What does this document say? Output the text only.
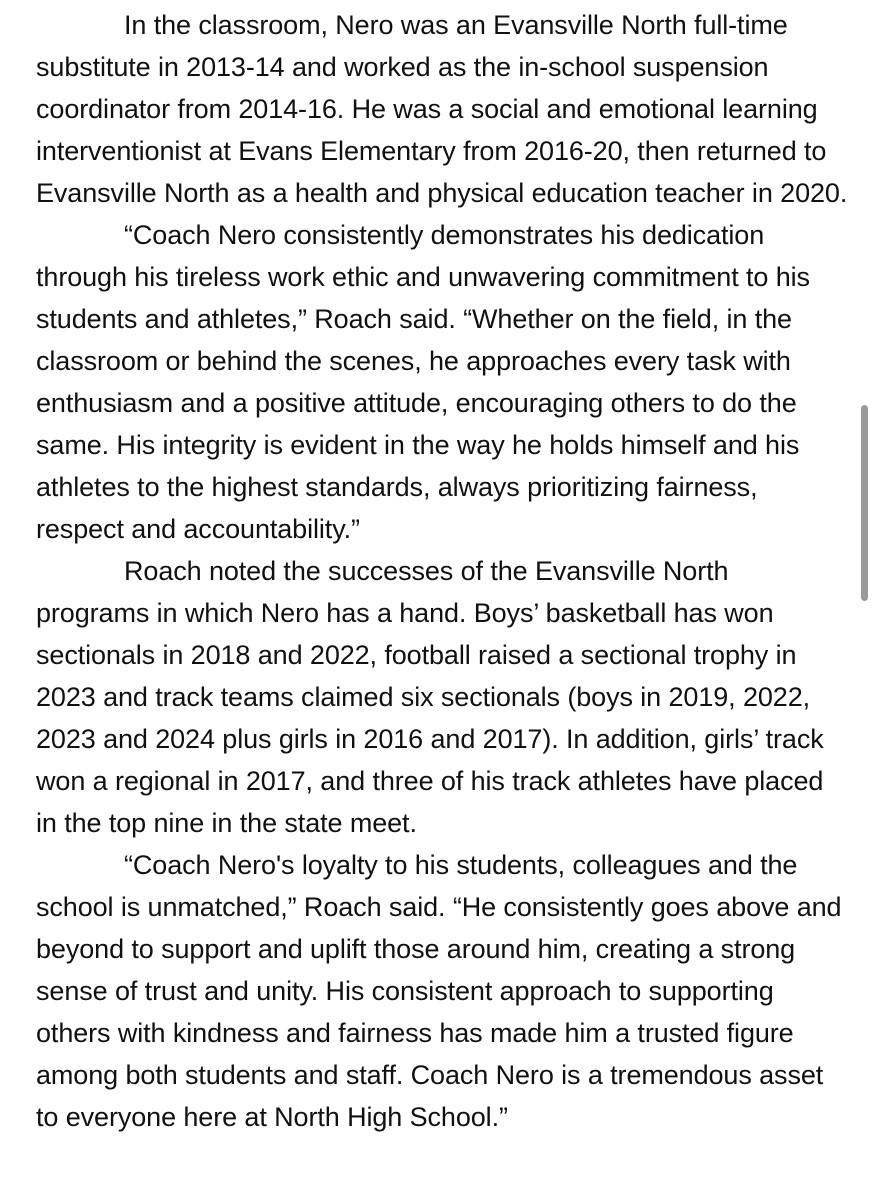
In the classroom, Nero was an Evansville North full-time substitute in 2013-14 and worked as the in-school suspension coordinator from 2014-16. He was a social and emotional learning interventionist at Evans Elementary from 2016-20, then returned to Evansville North as a health and physical education teacher in 2020.

“Coach Nero consistently demonstrates his dedication through his tireless work ethic and unwavering commitment to his students and athletes,” Roach said. “Whether on the field, in the classroom or behind the scenes, he approaches every task with enthusiasm and a positive attitude, encouraging others to do the same. His integrity is evident in the way he holds himself and his athletes to the highest standards, always prioritizing fairness, respect and accountability.”

Roach noted the successes of the Evansville North programs in which Nero has a hand. Boys’ basketball has won sectionals in 2018 and 2022, football raised a sectional trophy in 2023 and track teams claimed six sectionals (boys in 2019, 2022, 2023 and 2024 plus girls in 2016 and 2017). In addition, girls’ track won a regional in 2017, and three of his track athletes have placed in the top nine in the state meet.

“Coach Nero's loyalty to his students, colleagues and the school is unmatched,” Roach said. “He consistently goes above and beyond to support and uplift those around him, creating a strong sense of trust and unity. His consistent approach to supporting others with kindness and fairness has made him a trusted figure among both students and staff. Coach Nero is a tremendous asset to everyone here at North High School.”
